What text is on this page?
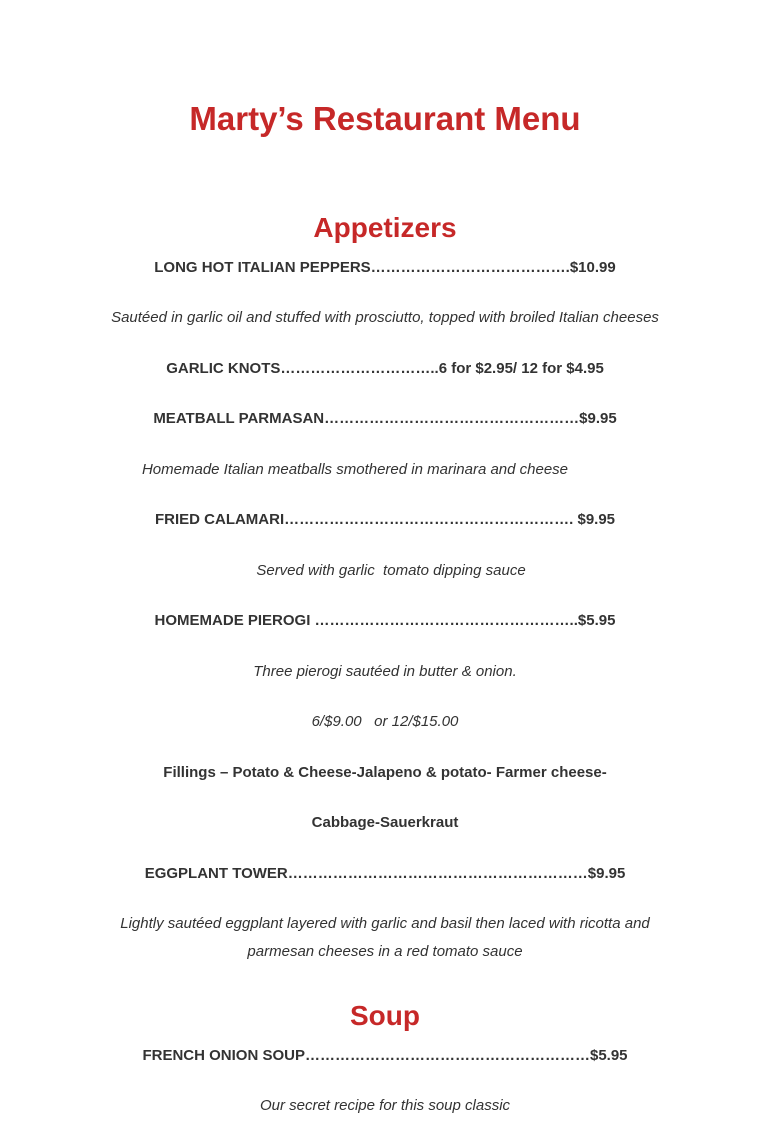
Marty’s Restaurant Menu
Appetizers

LONG HOT ITALIAN PEPPERS………………………………….$10.99

Sautéed in garlic oil and stuffed with prosciutto, topped with broiled Italian cheeses

GARLIC KNOTS…………………………..6 for $2.95/ 12 for $4.95

MEATBALL PARMASAN……………………………………………$9.95

Homemade Italian meatballs smothered in marinara and cheese

FRIED CALAMARI…………………………………………………. $9.95

Served with garlic  tomato dipping sauce

HOMEMADE PIEROGI ……………………………………………..$5.95

Three pierogi sautéed in butter & onion.

6/$9.00   or 12/$15.00

Fillings – Potato & Cheese-Jalapeno & potato- Farmer cheese-

Cabbage-Sauerkraut

EGGPLANT TOWER……………………………………………………$9.95

Lightly sautéed eggplant layered with garlic and basil then laced with ricotta and

parmesan cheeses in a red tomato sauce

Soup

FRENCH ONION SOUP…………………………………………………$5.95

Our secret recipe for this soup classic
